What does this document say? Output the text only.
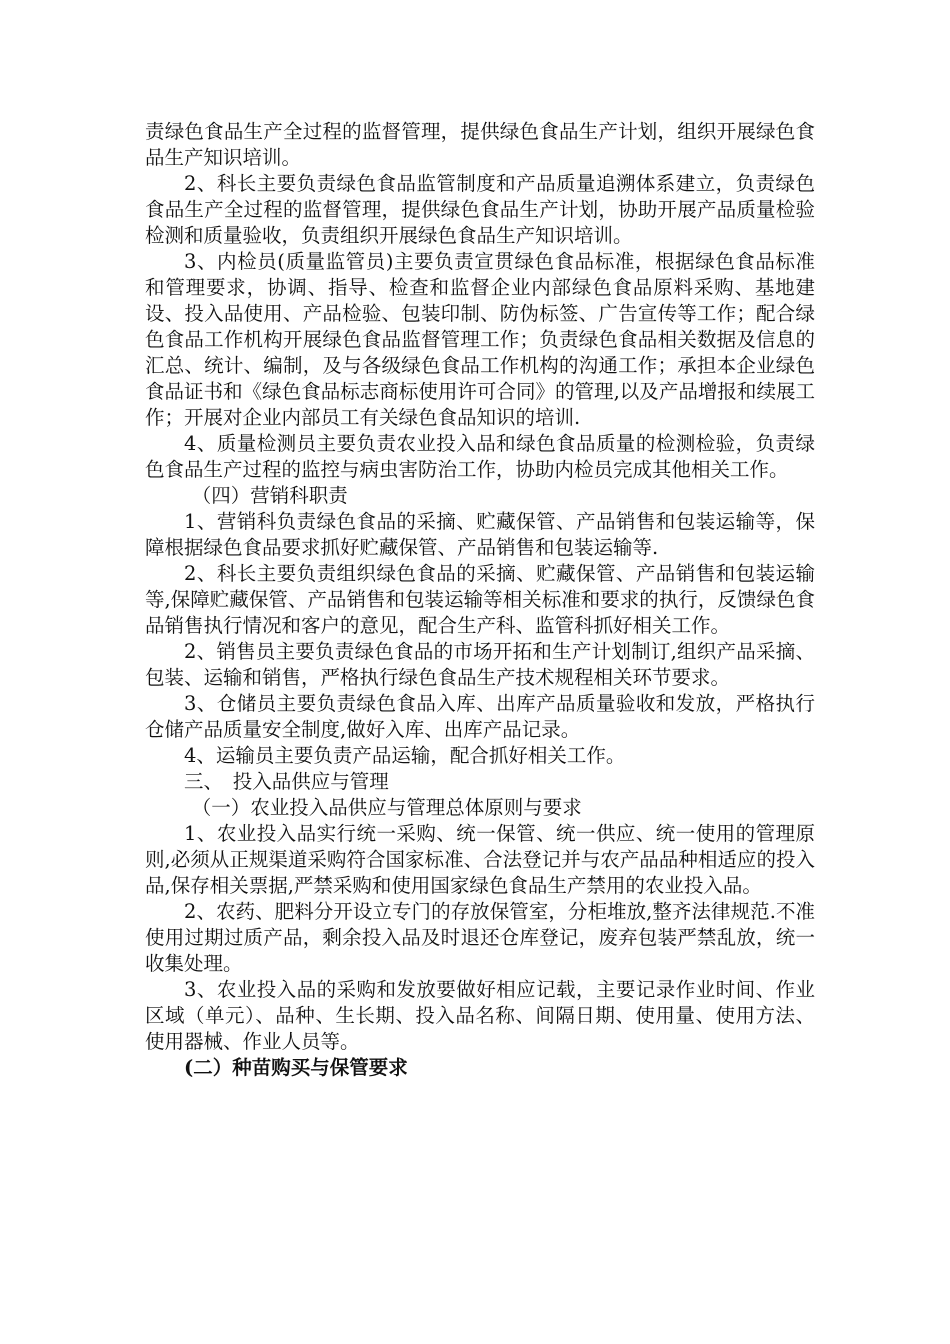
责绿色食品生产全过程的监督管理，提供绿色食品生产计划，组织开展绿色食品生产知识培训。

2、科长主要负责绿色食品监管制度和产品质量追溯体系建立，负责绿色食品生产全过程的监督管理，提供绿色食品生产计划，协助开展产品质量检验检测和质量验收，负责组织开展绿色食品生产知识培训。

3、内检员(质量监管员)主要负责宣贯绿色食品标准，根据绿色食品标准和管理要求，协调、指导、检查和监督企业内部绿色食品原料采购、基地建设、投入品使用、产品检验、包装印制、防伪标签、广告宣传等工作；配合绿色食品工作机构开展绿色食品监督管理工作；负责绿色食品相关数据及信息的汇总、统计、编制，及与各级绿色食品工作机构的沟通工作；承担本企业绿色食品证书和《绿色食品标志商标使用许可合同》的管理,以及产品增报和续展工作；开展对企业内部员工有关绿色食品知识的培训.

4、质量检测员主要负责农业投入品和绿色食品质量的检测检验，负责绿色食品生产过程的监控与病虫害防治工作，协助内检员完成其他相关工作。

（四）营销科职责

1、营销科负责绿色食品的采摘、贮藏保管、产品销售和包装运输等，保障根据绿色食品要求抓好贮藏保管、产品销售和包装运输等.

2、科长主要负责组织绿色食品的采摘、贮藏保管、产品销售和包装运输等,保障贮藏保管、产品销售和包装运输等相关标准和要求的执行，反馈绿色食品销售执行情况和客户的意见，配合生产科、监管科抓好相关工作。

2、销售员主要负责绿色食品的市场开拓和生产计划制订,组织产品采摘、包装、运输和销售，严格执行绿色食品生产技术规程相关环节要求。

3、仓储员主要负责绿色食品入库、出库产品质量验收和发放，严格执行仓储产品质量安全制度,做好入库、出库产品记录。

4、运输员主要负责产品运输，配合抓好相关工作。

三、　投入品供应与管理

（一）农业投入品供应与管理总体原则与要求

1、农业投入品实行统一采购、统一保管、统一供应、统一使用的管理原则,必须从正规渠道采购符合国家标准、合法登记并与农产品品种相适应的投入品,保存相关票据,严禁采购和使用国家绿色食品生产禁用的农业投入品。

2、农药、肥料分开设立专门的存放保管室，分柜堆放,整齐法律规范.不准使用过期过质产品，剩余投入品及时退还仓库登记，废弃包装严禁乱放，统一收集处理。

3、农业投入品的采购和发放要做好相应记载，主要记录作业时间、作业区域（单元）、品种、生长期、投入品名称、间隔日期、使用量、使用方法、使用器械、作业人员等。

(二）种苗购买与保管要求
